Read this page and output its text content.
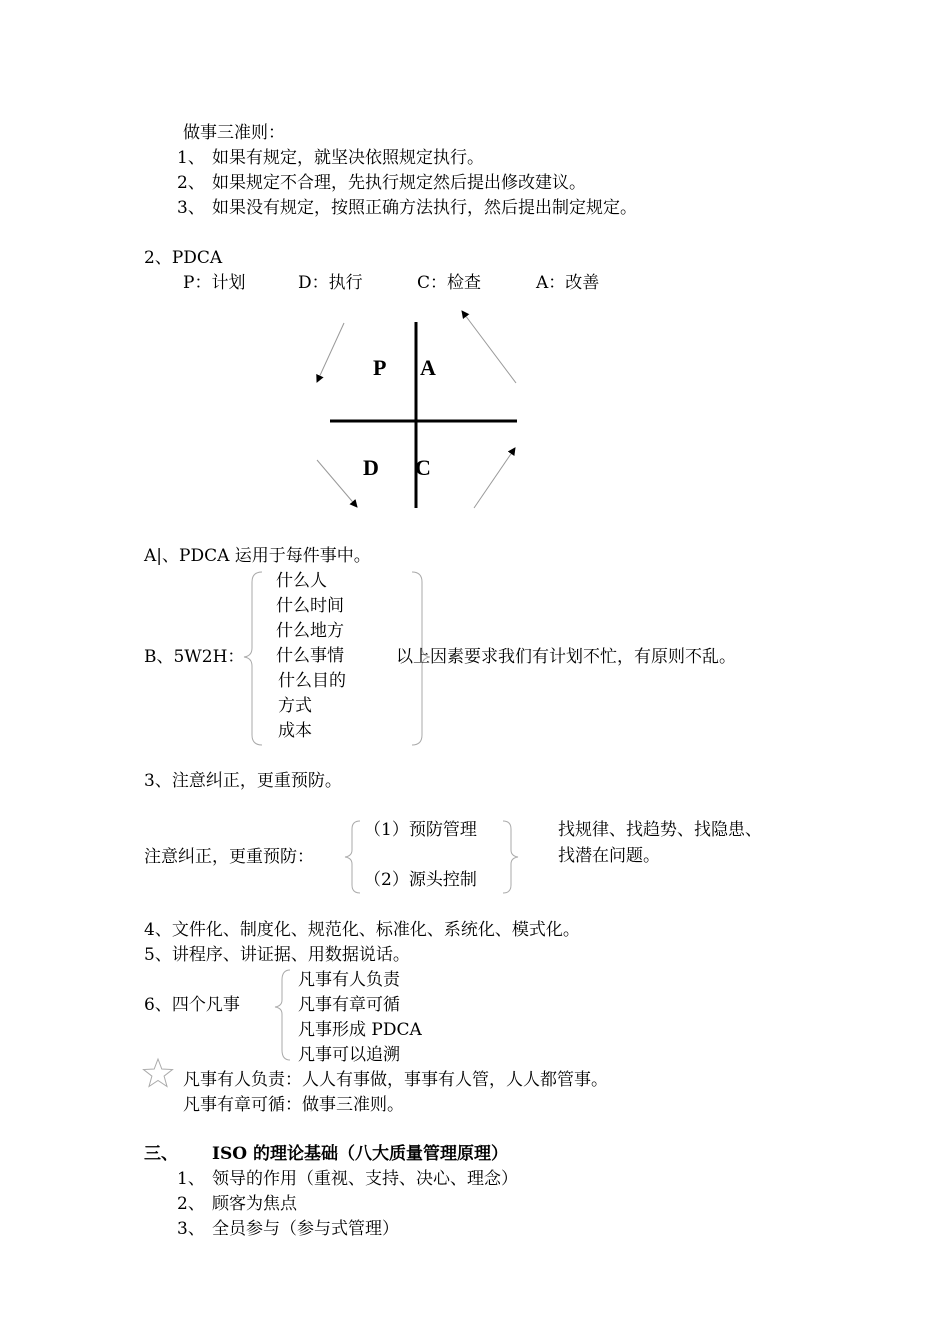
做事三准则：
1、 如果有规定，就坚决依照规定执行。
2、 如果规定不合理，先执行规定然后提出修改建议。
3、 如果没有规定，按照正确方法执行，然后提出制定规定。
2、PDCA
P：计划	D：执行	C：检查	A：改善
P A
D C
A|、PDCA 运用于每件事中。
B、5W2H：
什么人
什么时间
什么地方
什么事情
什么目的
方式
成本
以上因素要求我们有计划不忙，有原则不乱。
3、注意纠正，更重预防。
注意纠正，更重预防：
（1）预防管理
（2）源头控制
找规律、找趋势、找隐患、
找潜在问题。
4、文件化、制度化、规范化、标准化、系统化、模式化。
5、讲程序、讲证据、用数据说话。
6、四个凡事
凡事有人负责
凡事有章可循
凡事形成 PDCA
凡事可以追溯
凡事有人负责：人人有事做，事事有人管，人人都管事。
凡事有章可循：做事三准则。
三、 ISO 的理论基础（八大质量管理原理）
1、 领导的作用（重视、支持、决心、理念）
2、 顾客为焦点
3、 全员参与（参与式管理）
